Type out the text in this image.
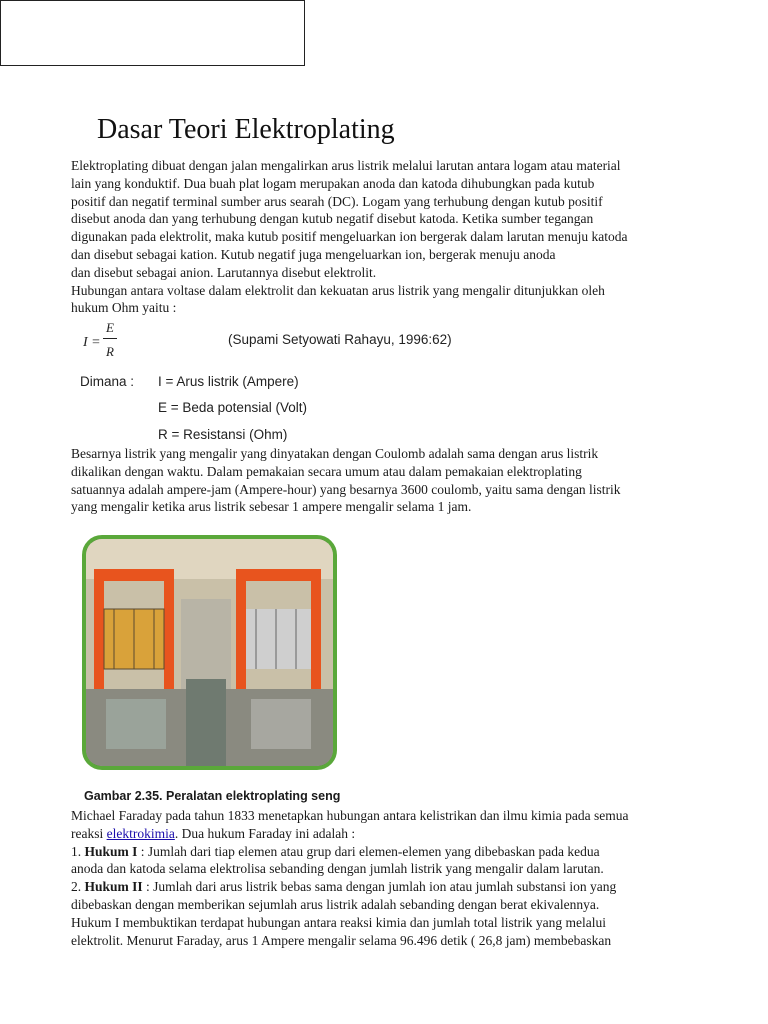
Dasar Teori Elektroplating
Elektroplating dibuat dengan jalan mengalirkan arus listrik melalui larutan antara logam atau material
lain yang konduktif. Dua buah plat logam merupakan anoda dan katoda dihubungkan pada kutub
positif dan negatif terminal sumber arus searah (DC). Logam yang terhubung dengan kutub positif
disebut anoda dan yang terhubung dengan kutub negatif disebut katoda. Ketika sumber tegangan
digunakan pada elektrolit, maka kutub positif mengeluarkan ion bergerak dalam larutan menuju katoda
dan disebut sebagai kation. Kutub negatif juga mengeluarkan ion, bergerak menuju anoda
dan disebut sebagai anion. Larutannya disebut elektrolit.
Hubungan antara voltase dalam elektrolit dan kekuatan arus listrik yang mengalir ditunjukkan oleh
hukum Ohm yaitu :
I =
E
R
(Supami Setyowati Rahayu, 1996:62)
Dimana : I = Arus listrik (Ampere)
E = Beda potensial (Volt)
R = Resistansi (Ohm)
Besarnya listrik yang mengalir yang dinyatakan dengan Coulomb adalah sama dengan arus listrik
dikalikan dengan waktu. Dalam pemakaian secara umum atau dalam pemakaian elektroplating
satuannya adalah ampere-jam (Ampere-hour) yang besarnya 3600 coulomb, yaitu sama dengan listrik
yang mengalir ketika arus listrik sebesar 1 ampere mengalir selama 1 jam.
Gambar 2.35. Peralatan elektroplating seng
Michael Faraday pada tahun 1833 menetapkan hubungan antara kelistrikan dan ilmu kimia pada semua
reaksi elektrokimia. Dua hukum Faraday ini adalah :
1. Hukum I : Jumlah dari tiap elemen atau grup dari elemen-elemen yang dibebaskan pada kedua
anoda dan katoda selama elektrolisa sebanding dengan jumlah listrik yang mengalir dalam larutan.
2. Hukum II : Jumlah dari arus listrik bebas sama dengan jumlah ion atau jumlah substansi ion yang
dibebaskan dengan memberikan sejumlah arus listrik adalah sebanding dengan berat ekivalennya.
Hukum I membuktikan terdapat hubungan antara reaksi kimia dan jumlah total listrik yang melalui
elektrolit. Menurut Faraday, arus 1 Ampere mengalir selama 96.496 detik ( 26,8 jam) membebaskan
